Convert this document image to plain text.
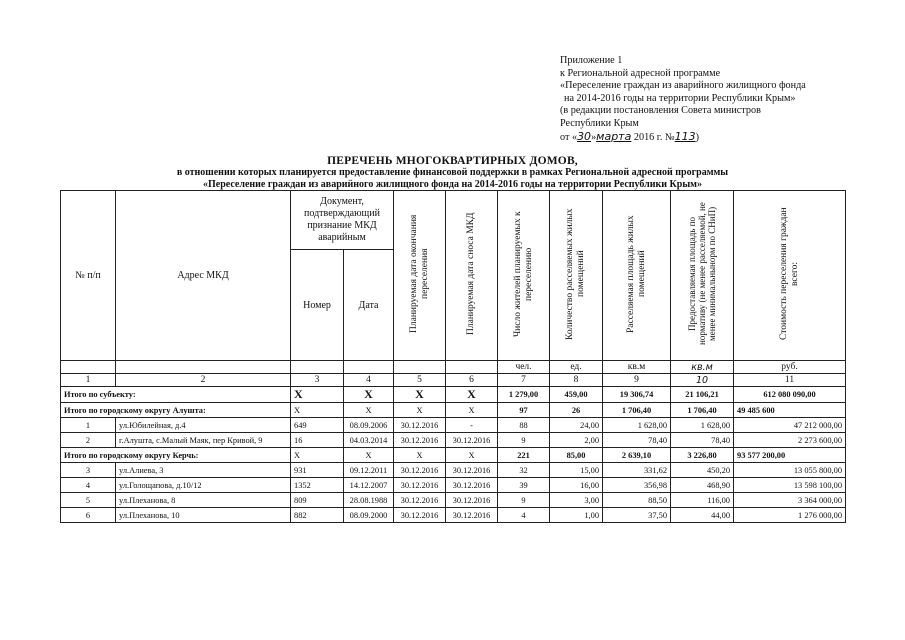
Приложение 1
к Региональной адресной программе
«Переселение граждан из аварийного жилищного фонда
на 2014-2016 годы на территории Республики Крым»
(в редакции постановления Совета министров
Республики Крым
от «30»марта 2016 г. №113)
ПЕРЕЧЕНЬ МНОГОКВАРТИРНЫХ ДОМОВ,
в отношении которых планируется предоставление финансовой поддержки в рамках Региональной адресной программы
«Переселение граждан из аварийного жилищного фонда на 2014-2016 годы на территории Республики Крым»
№ п/п	Адрес МКД	Документ, подтверждающий признание МКД аварийным		Планируемая дата окончания переселения	Планируемая дата сноса МКД	Число жителей планируемых к переселению	Количество расселяемых жилых помещений	Расселяемая площадь жилых помещений	Предоставляемая площадь по нормативу (не менее расселяемой, не менее минимальнынорм по СНиП)	Стоимость переселения граждан всего:
		Номер	Дата							
						чел.	ед.	кв.м	кв.м	руб.
1	2	3	4	5	6	7	8	9	10	11
Итого по субъекту:		Х	Х	Х	Х	1 279,00	459,00	19 306,74	21 106,21	612 080 090,00
Итого по городскому округу Алушта:		X	X	X	X	97	26	1 706,40	1 706,40	49 485 600
1	ул.Юбилейная, д.4	649	08.09.2006	30.12.2016	-	88	24,00	1 628,00	1 628,00	47 212 000,00
2	г.Алушта, с.Малый Маяк, пер Кривой, 9	16	04.03.2014	30.12.2016	30.12.2016	9	2,00	78,40	78,40	2 273 600,00
Итого по городскому округу Керчь:		X	X	X	X	221	85,00	2 639,10	3 226,80	93 577 200,00
3	ул.Алиева, 3	931	09.12.2011	30.12.2016	30.12.2016	32	15,00	331,62	450,20	13 055 800,00
4	ул.Голощапова, д.10/12	1352	14.12.2007	30.12.2016	30.12.2016	39	16,00	356,98	468,90	13 598 100,00
5	ул.Плеханова, 8	809	28.08.1988	30.12.2016	30.12.2016	9	3,00	88,50	116,00	3 364 000,00
6	ул.Плеханова, 10	882	08.09.2000	30.12.2016	30.12.2016	4	1,00	37,50	44,00	1 276 000,00
